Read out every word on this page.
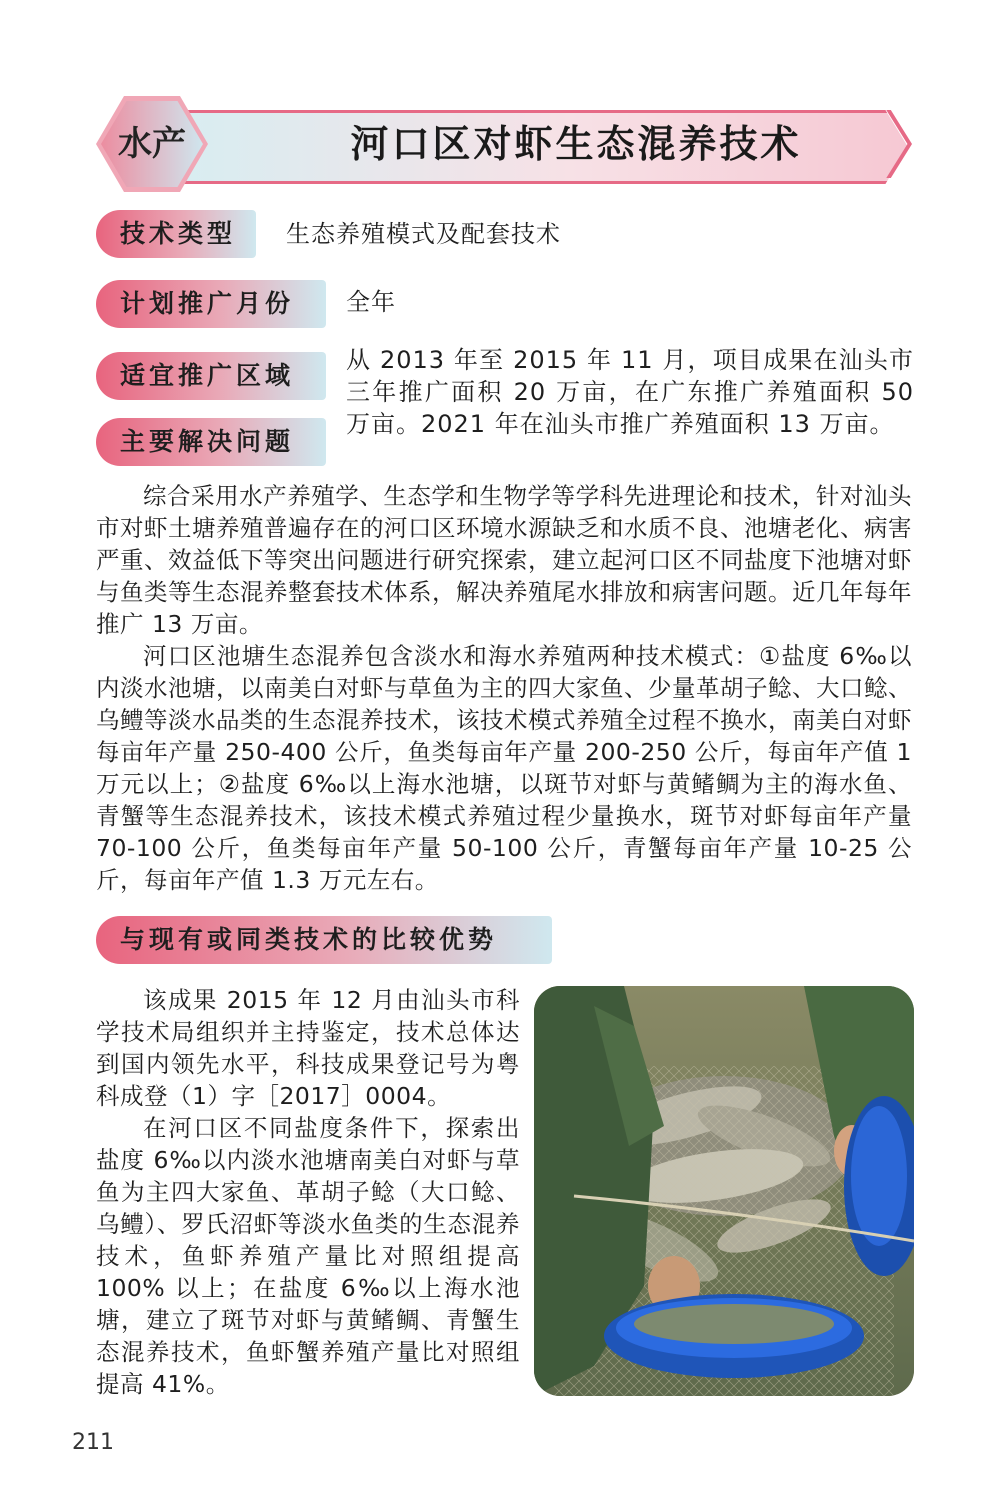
水产	河口区对虾生态混养技术
技术类型	生态养殖模式及配套技术
计划推广月份	全年
适宜推广区域
从 2013 年至 2015 年 11 月，项目成果在汕头市三年推广面积 20 万亩，在广东推广养殖面积 50 万亩。2021 年在汕头市推广养殖面积 13 万亩。
主要解决问题

综合采用水产养殖学、生态学和生物学等学科先进理论和技术，针对汕头市对虾土塘养殖普遍存在的河口区环境水源缺乏和水质不良、池塘老化、病害严重、效益低下等突出问题进行研究探索，建立起河口区不同盐度下池塘对虾与鱼类等生态混养整套技术体系，解决养殖尾水排放和病害问题。近几年每年推广 13 万亩。

河口区池塘生态混养包含淡水和海水养殖两种技术模式：①盐度 6‰以内淡水池塘，以南美白对虾与草鱼为主的四大家鱼、少量革胡子鲶、大口鲶、乌鳢等淡水品类的生态混养技术，该技术模式养殖全过程不换水，南美白对虾每亩年产量 250-400 公斤，鱼类每亩年产量 200-250 公斤，每亩年产值 1 万元以上；②盐度 6‰以上海水池塘，以斑节对虾与黄鳍鲷为主的海水鱼、青蟹等生态混养技术，该技术模式养殖过程少量换水，斑节对虾每亩年产量 70-100 公斤，鱼类每亩年产量 50-100 公斤，青蟹每亩年产量 10-25 公斤，每亩年产值 1.3 万元左右。

与现有或同类技术的比较优势

该成果 2015 年 12 月由汕头市科学技术局组织并主持鉴定，技术总体达到国内领先水平，科技成果登记号为粤科成登（1）字［2017］0004。

在河口区不同盐度条件下，探索出盐度 6‰以内淡水池塘南美白对虾与草鱼为主四大家鱼、革胡子鲶（大口鲶、乌鳢）、罗氏沼虾等淡水鱼类的生态混养技术，鱼虾养殖产量比对照组提高 100% 以上；在盐度 6‰以上海水池塘，建立了斑节对虾与黄鳍鲷、青蟹生态混养技术，鱼虾蟹养殖产量比对照组提高 41%。

211
